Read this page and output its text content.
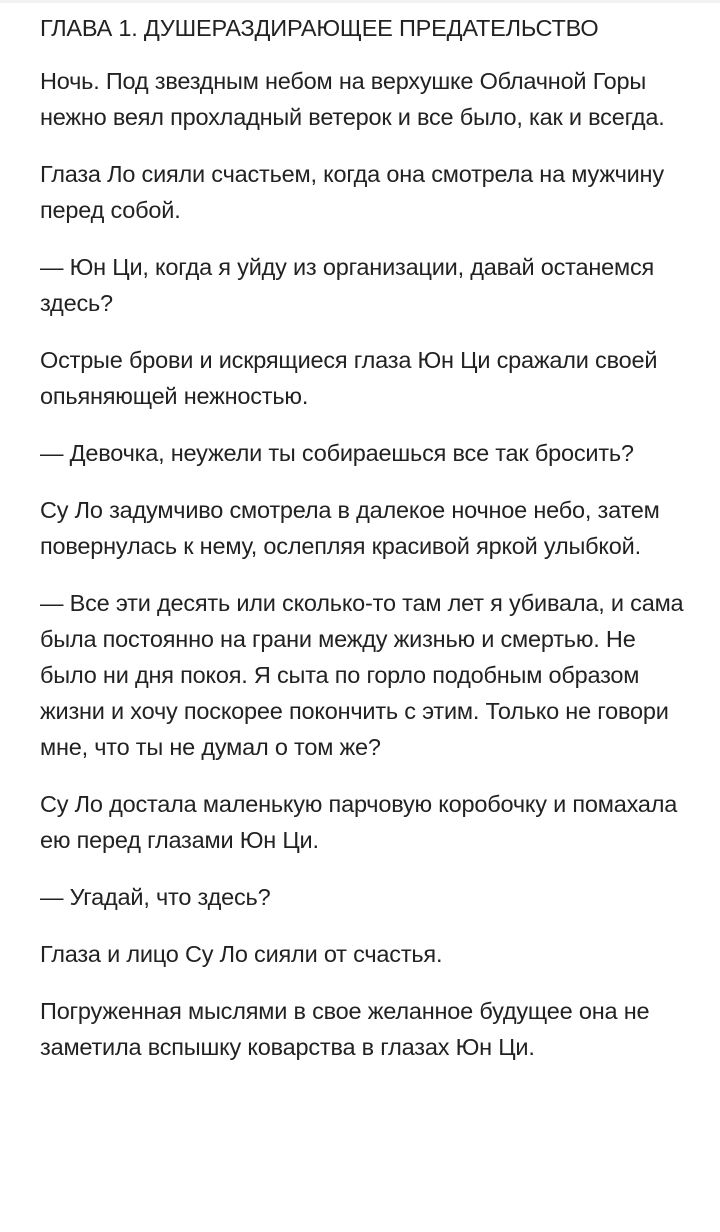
ГЛАВА 1. ДУШЕРАЗДИРАЮЩЕЕ ПРЕДАТЕЛЬСТВО

Ночь. Под звездным небом на верхушке Облачной Горы нежно веял прохладный ветерок и все было, как и всегда.

Глаза Ло сияли счастьем, когда она смотрела на мужчину перед собой.

— Юн Ци, когда я уйду из организации, давай останемся здесь?

Острые брови и искрящиеся глаза Юн Ци сражали своей опьяняющей нежностью.

— Девочка, неужели ты собираешься все так бросить?

Су Ло задумчиво смотрела в далекое ночное небо, затем повернулась к нему, ослепляя красивой яркой улыбкой.

— Все эти десять или сколько-то там лет я убивала, и сама была постоянно на грани между жизнью и смертью. Не было ни дня покоя. Я сыта по горло подобным образом жизни и хочу поскорее покончить с этим. Только не говори мне, что ты не думал о том же?

Су Ло достала маленькую парчовую коробочку и помахала ею перед глазами Юн Ци.

— Угадай, что здесь?

Глаза и лицо Су Ло сияли от счастья.

Погруженная мыслями в свое желанное будущее она не заметила вспышку коварства в глазах Юн Ци.
